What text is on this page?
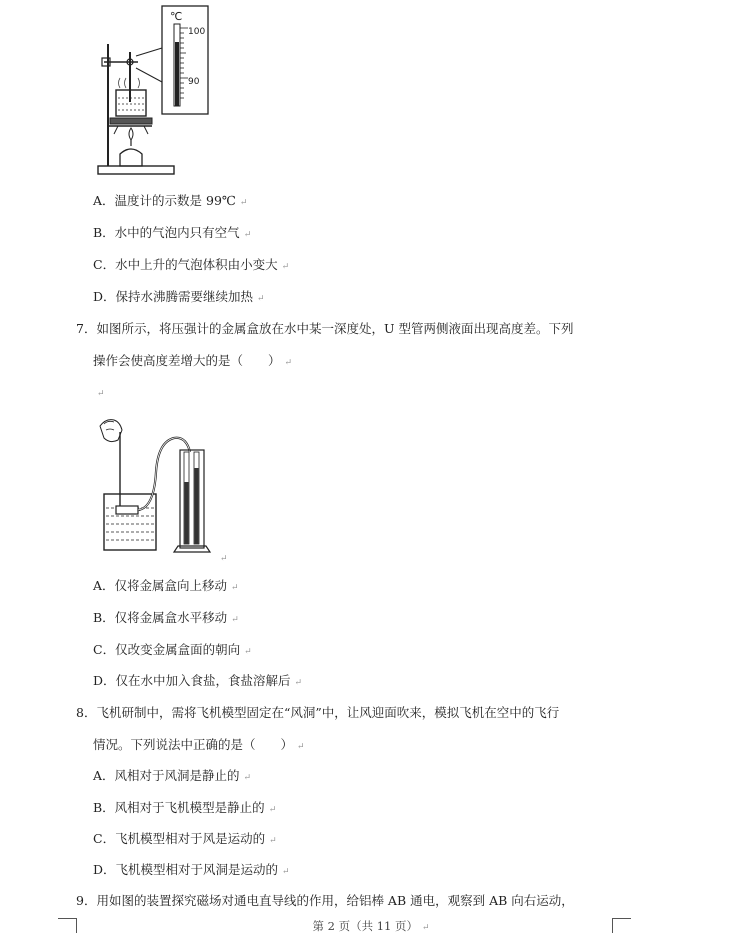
℃
100
90
A．温度计的示数是 99℃ ↵
B．水中的气泡内只有空气 ↵
C．水中上升的气泡体积由小变大 ↵
D．保持水沸腾需要继续加热 ↵
7．如图所示，将压强计的金属盒放在水中某一深度处，U 型管两侧液面出现高度差。下列
操作会使高度差增大的是（　　） ↵
↵
↵
A．仅将金属盒向上移动 ↵
B．仅将金属盒水平移动 ↵
C．仅改变金属盒面的朝向 ↵
D．仅在水中加入食盐，食盐溶解后 ↵
8．飞机研制中，需将飞机模型固定在“风洞”中，让风迎面吹来，模拟飞机在空中的飞行
情况。下列说法中正确的是（　　） ↵
A．风相对于风洞是静止的 ↵
B．风相对于飞机模型是静止的 ↵
C．飞机模型相对于风是运动的 ↵
D．飞机模型相对于风洞是运动的 ↵
9．用如图的装置探究磁场对通电直导线的作用，给铝棒 AB 通电，观察到 AB 向右运动，
第 2 页（共 11 页） ↵
